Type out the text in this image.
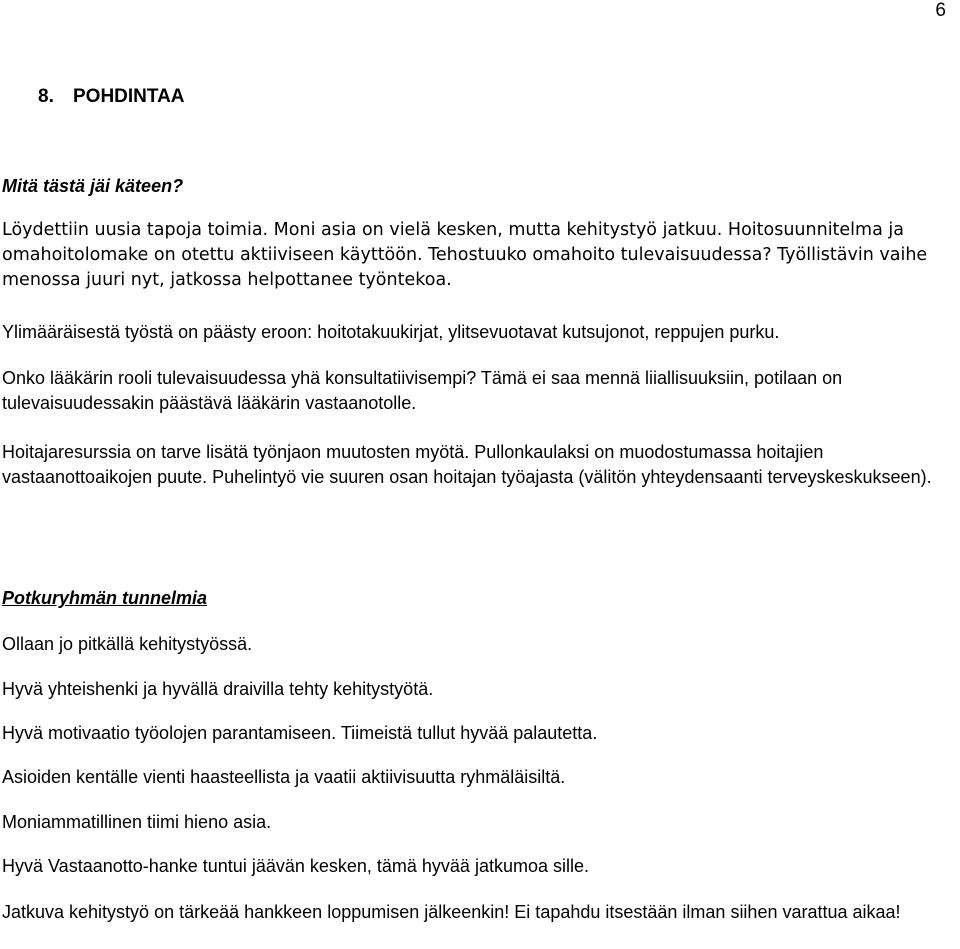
6
8. POHDINTAA
Mitä tästä jäi käteen?

Löydettiin uusia tapoja toimia. Moni asia on vielä kesken, mutta kehitystyö jatkuu. Hoitosuunnitelma ja omahoitolomake on otettu aktiiviseen käyttöön. Tehostuuko omahoito tulevaisuudessa? Työllistävin vaihe menossa juuri nyt, jatkossa helpottanee työntekoa.

Ylimääräisestä työstä on päästy eroon: hoitotakuukirjat, ylitsevuotavat kutsujonot, reppujen purku.

Onko lääkärin rooli tulevaisuudessa yhä konsultatiivisempi? Tämä ei saa mennä liiallisuuksiin, potilaan on tulevaisuudessakin päästävä lääkärin vastaanotolle.

Hoitajaresurssia on tarve lisätä työnjaon muutosten myötä. Pullonkaulaksi on muodostumassa hoitajien vastaanottoaikojen puute. Puhelintyö vie suuren osan hoitajan työajasta (välitön yhteydensaanti terveyskeskukseen).

Potkuryhmän tunnelmia

Ollaan jo pitkällä kehitystyössä.

Hyvä yhteishenki ja hyvällä draivilla tehty kehitystyötä.

Hyvä motivaatio työolojen parantamiseen. Tiimeistä tullut hyvää palautetta.

Asioiden kentälle vienti haasteellista ja vaatii aktiivisuutta ryhmäläisiltä.

Moniammatillinen tiimi hieno asia.

Hyvä Vastaanotto-hanke tuntui jäävän kesken, tämä hyvää jatkumoa sille.

Jatkuva kehitystyö on tärkeää hankkeen loppumisen jälkeenkin! Ei tapahdu itsestään ilman siihen varattua aikaa!
